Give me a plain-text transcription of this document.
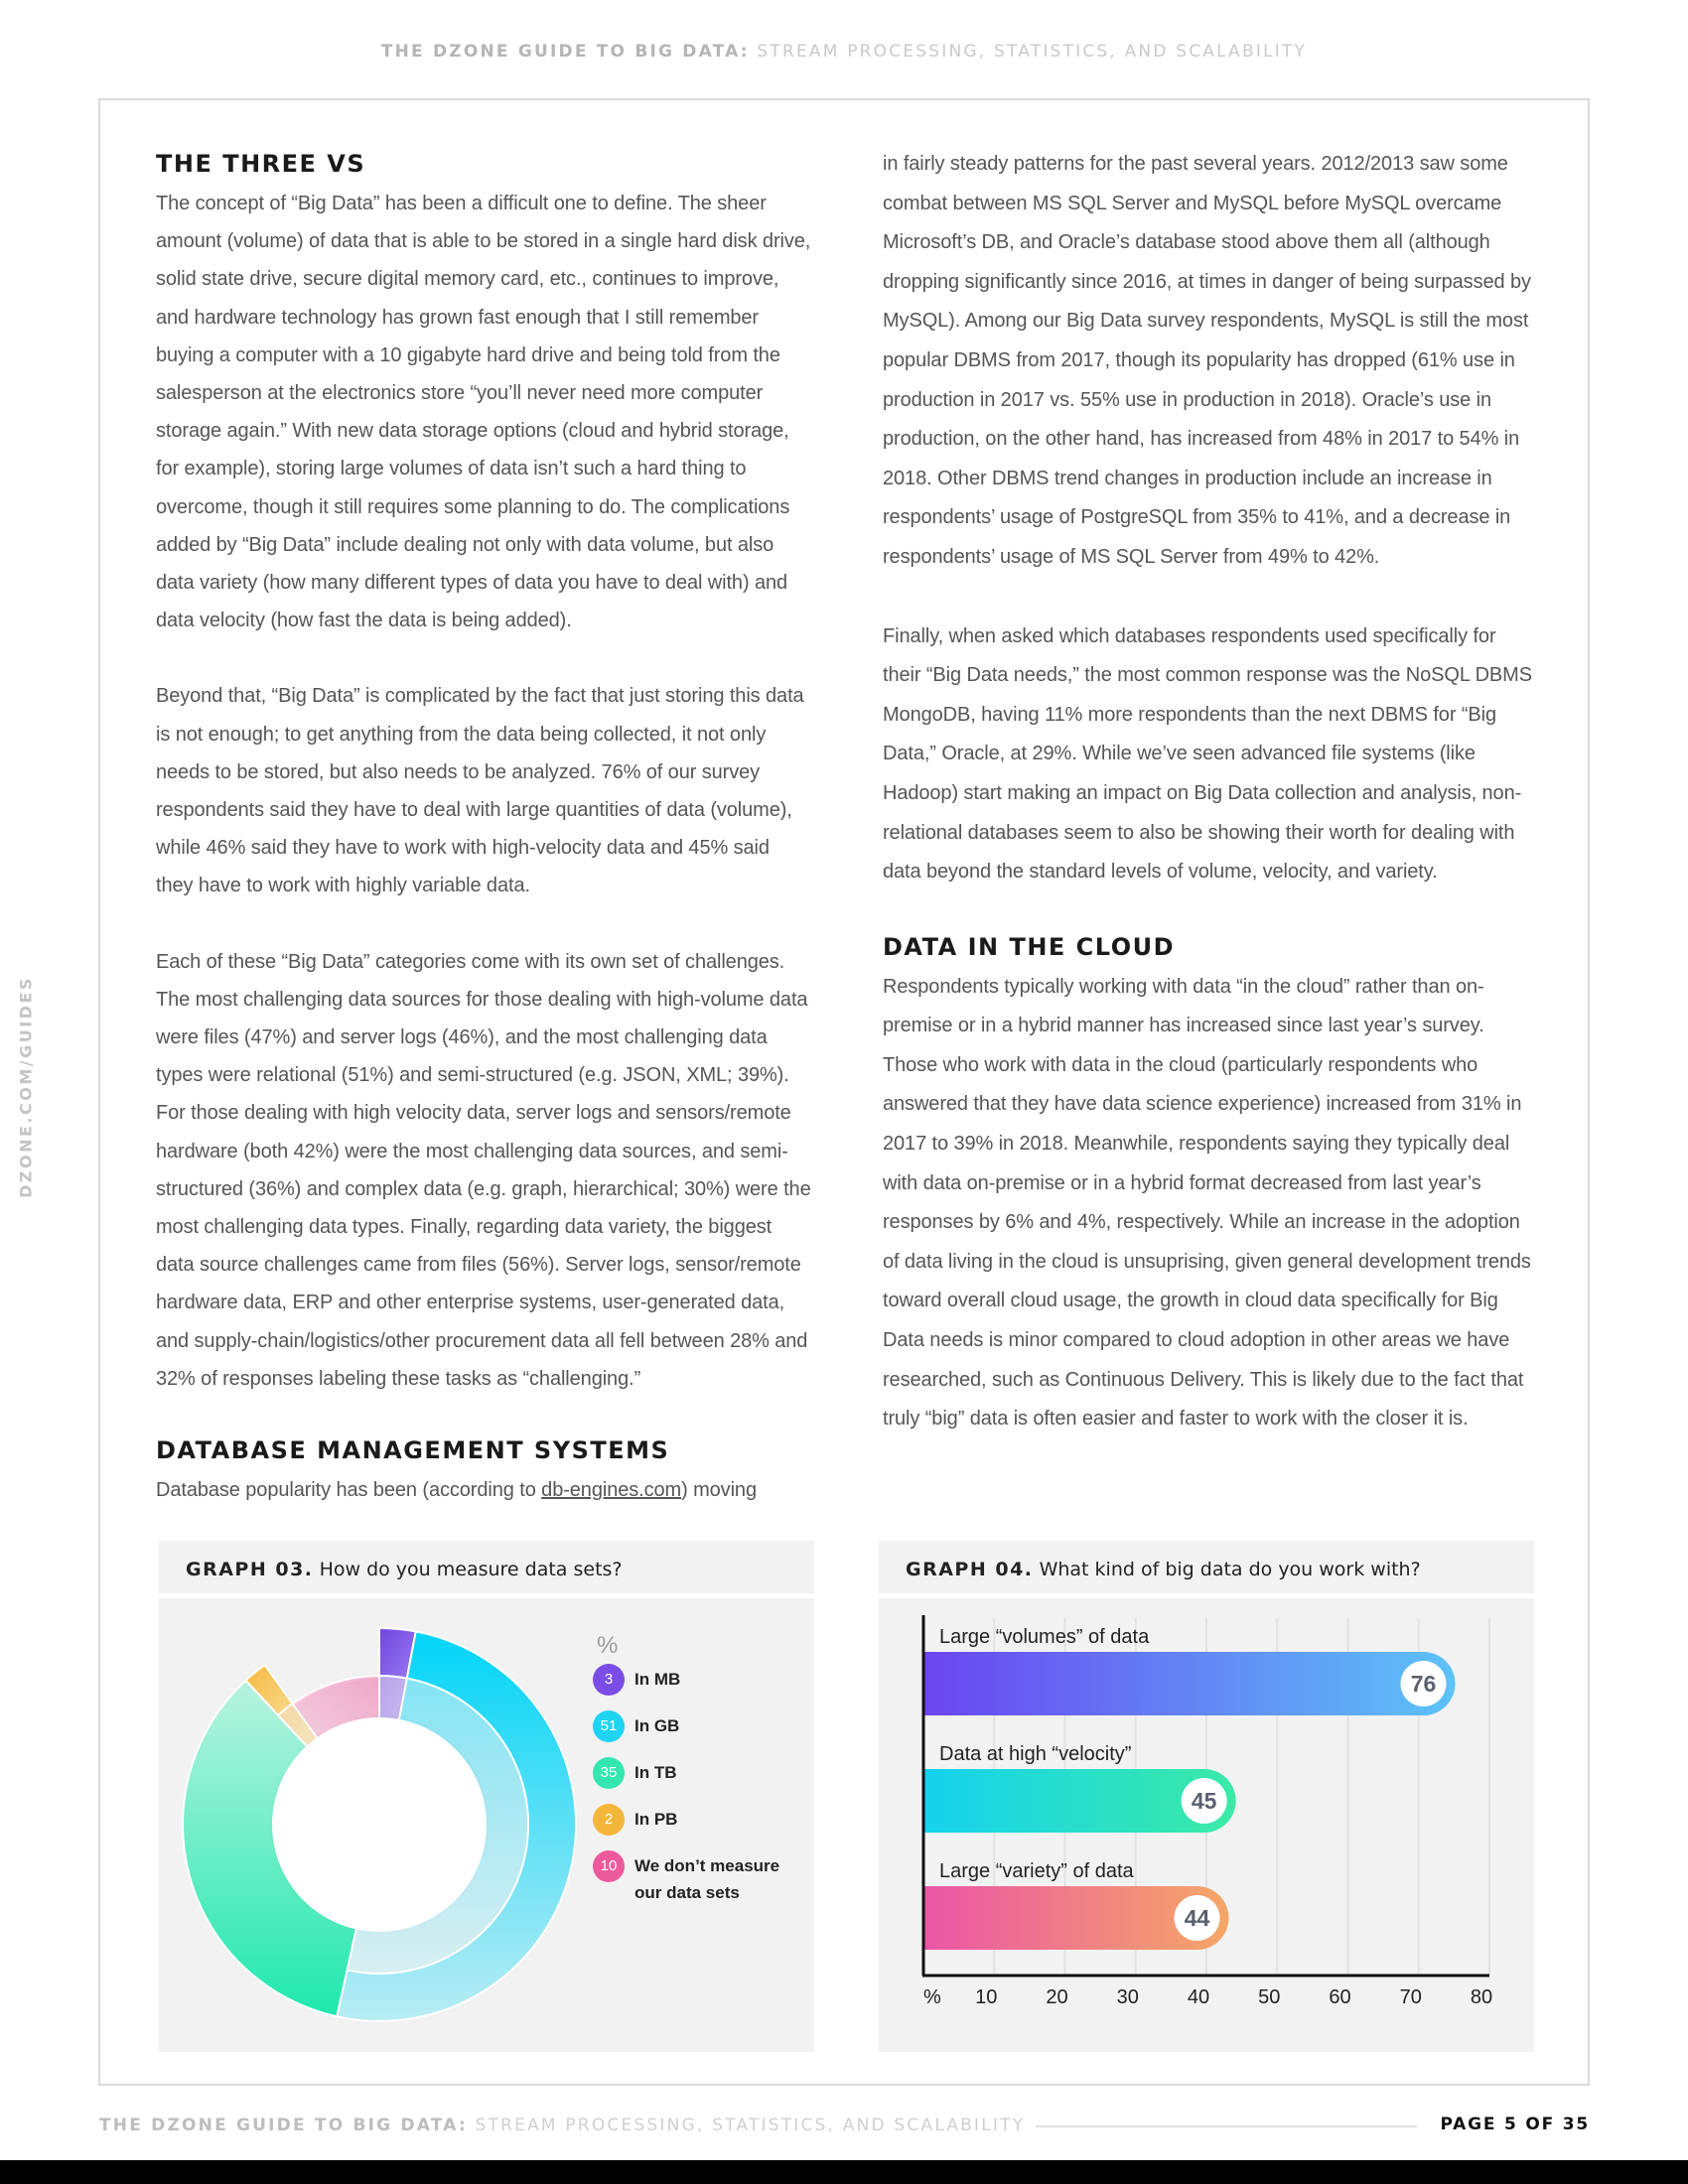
THE DZONE GUIDE TO BIG DATA: STREAM PROCESSING, STATISTICS, AND SCALABILITY
DZONE.COM/GUIDES
THE THREE VS

The concept of “Big Data” has been a difficult one to define. The sheer amount (volume) of data that is able to be stored in a single hard disk drive, solid state drive, secure digital memory card, etc., continues to improve, and hardware technology has grown fast enough that I still remember buying a computer with a 10 gigabyte hard drive and being told from the salesperson at the electronics store “you’ll never need more computer storage again.” With new data storage options (cloud and hybrid storage, for example), storing large volumes of data isn’t such a hard thing to overcome, though it still requires some planning to do. The complications added by “Big Data” include dealing not only with data volume, but also data variety (how many different types of data you have to deal with) and data velocity (how fast the data is being added).

Beyond that, “Big Data” is complicated by the fact that just storing this data is not enough; to get anything from the data being collected, it not only needs to be stored, but also needs to be analyzed. 76% of our survey respondents said they have to deal with large quantities of data (volume), while 46% said they have to work with high-velocity data and 45% said they have to work with highly variable data.

Each of these “Big Data” categories come with its own set of challenges. The most challenging data sources for those dealing with high-volume data were files (47%) and server logs (46%), and the most challenging data types were relational (51%) and semi-structured (e.g. JSON, XML; 39%). For those dealing with high velocity data, server logs and sensors/remote hardware (both 42%) were the most challenging data sources, and semi-structured (36%) and complex data (e.g. graph, hierarchical; 30%) were the most challenging data types. Finally, regarding data variety, the biggest data source challenges came from files (56%). Server logs, sensor/remote hardware data, ERP and other enterprise systems, user-generated data, and supply-chain/logistics/other procurement data all fell between 28% and 32% of responses labeling these tasks as “challenging.”

DATABASE MANAGEMENT SYSTEMS

Database popularity has been (according to db-engines.com) moving

in fairly steady patterns for the past several years. 2012/2013 saw some combat between MS SQL Server and MySQL before MySQL overcame Microsoft’s DB, and Oracle’s database stood above them all (although dropping significantly since 2016, at times in danger of being surpassed by MySQL). Among our Big Data survey respondents, MySQL is still the most popular DBMS from 2017, though its popularity has dropped (61% use in production in 2017 vs. 55% use in production in 2018). Oracle’s use in production, on the other hand, has increased from 48% in 2017 to 54% in 2018. Other DBMS trend changes in production include an increase in respondents’ usage of PostgreSQL from 35% to 41%, and a decrease in respondents’ usage of MS SQL Server from 49% to 42%.

Finally, when asked which databases respondents used specifically for their “Big Data needs,” the most common response was the NoSQL DBMS MongoDB, having 11% more respondents than the next DBMS for “Big Data,” Oracle, at 29%. While we’ve seen advanced file systems (like Hadoop) start making an impact on Big Data collection and analysis, non-relational databases seem to also be showing their worth for dealing with data beyond the standard levels of volume, velocity, and variety.

DATA IN THE CLOUD

Respondents typically working with data “in the cloud” rather than on-premise or in a hybrid manner has increased since last year’s survey. Those who work with data in the cloud (particularly respondents who answered that they have data science experience) increased from 31% in 2017 to 39% in 2018. Meanwhile, respondents saying they typically deal with data on-premise or in a hybrid format decreased from last year’s responses by 6% and 4%, respectively. While an increase in the adoption of data living in the cloud is unsuprising, given general development trends toward overall cloud usage, the growth in cloud data specifically for Big Data needs is minor compared to cloud adoption in other areas we have researched, such as Continuous Delivery. This is likely due to the fact that truly “big” data is often easier and faster to work with the closer it is.

GRAPH 03. How do you measure data sets?
%
3	In MB
51	In GB
35	In TB
2	In PB
10	We don’t measure our data sets
GRAPH 04. What kind of big data do you work with?
Large “volumes” of data
76
Data at high “velocity”
45
Large “variety” of data
44
10 20 30 40 50 60 70 80
%
THE DZONE GUIDE TO BIG DATA: STREAM PROCESSING, STATISTICS, AND SCALABILITY	PAGE 5 OF 35
